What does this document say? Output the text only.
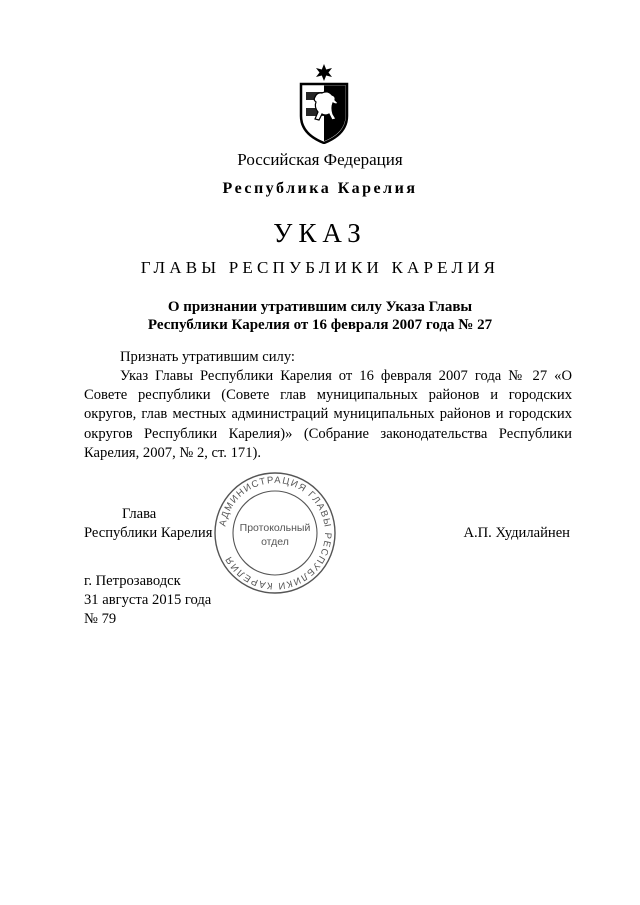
Российская Федерация
Республика Карелия
УКАЗ
ГЛАВЫ РЕСПУБЛИКИ КАРЕЛИЯ
О признании утратившим силу Указа Главы
Республики Карелия от 16 февраля 2007 года № 27
Признать утратившим силу:
Указ Главы Республики Карелия от 16 февраля 2007 года № 27 «О Совете республики (Совете глав муниципальных районов и городских округов, глав местных администраций муниципальных районов и городских округов Республики Карелия)» (Собрание законодательства Республики Карелия, 2007, № 2, ст. 171).
Глава
Республики Карелия	А.П. Худилайнен
АДМИНИСТРАЦИЯ ГЛАВЫ РЕСПУБЛИКИ КАРЕЛИЯ
Протокольный
отдел
г. Петрозаводск
31 августа 2015 года
№ 79
